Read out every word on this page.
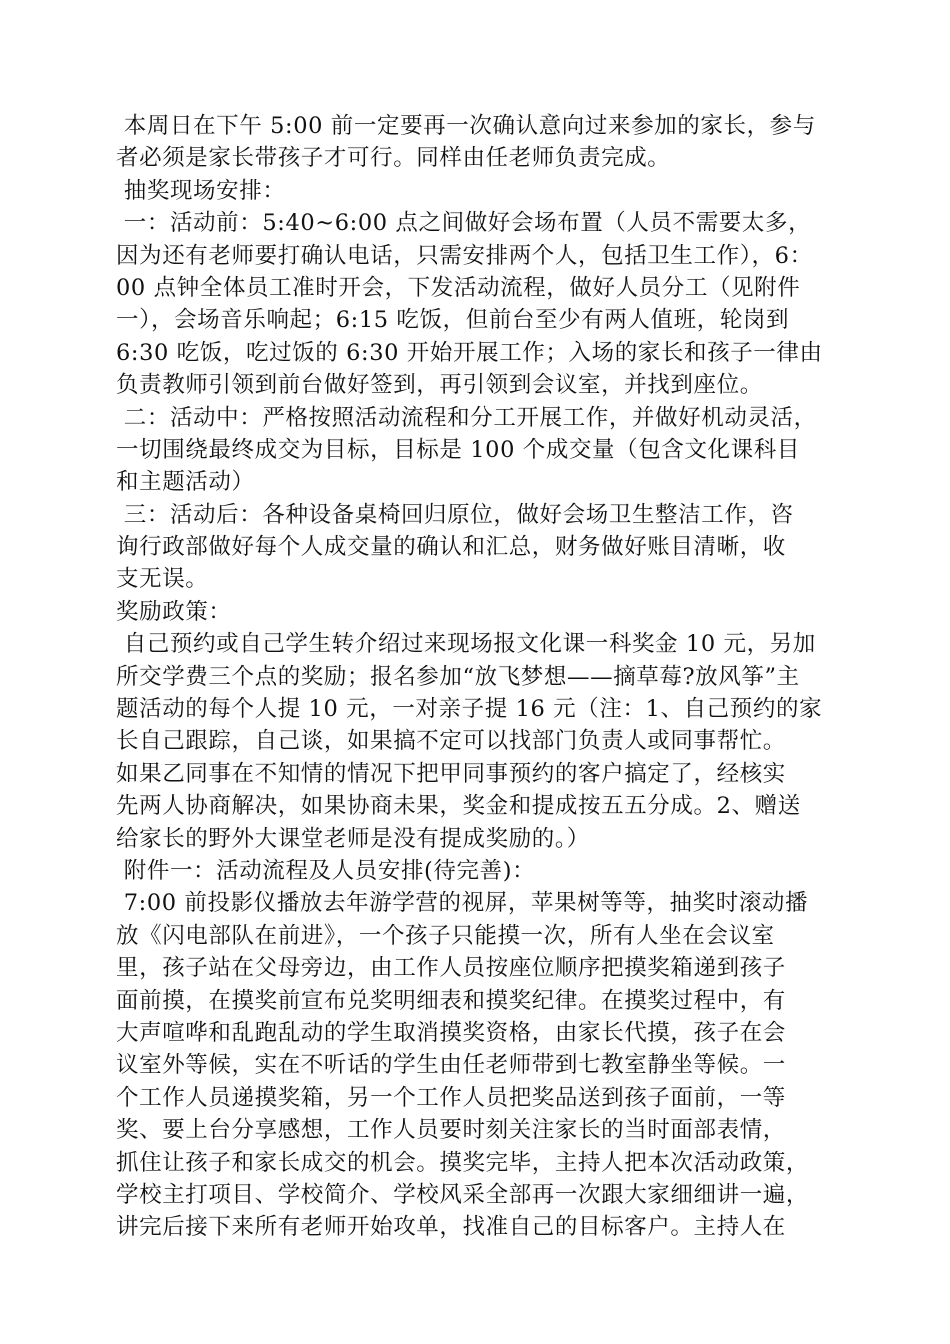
本周日在下午 5:00 前一定要再一次确认意向过来参加的家长，参与
者必须是家长带孩子才可行。同样由任老师负责完成。
抽奖现场安排：
一：活动前：5:40~6:00 点之间做好会场布置（人员不需要太多，
因为还有老师要打确认电话，只需安排两个人，包括卫生工作），6：
00 点钟全体员工准时开会，下发活动流程，做好人员分工（见附件
一），会场音乐响起；6:15 吃饭，但前台至少有两人值班，轮岗到
6:30 吃饭，吃过饭的 6:30 开始开展工作；入场的家长和孩子一律由
负责教师引领到前台做好签到，再引领到会议室，并找到座位。
二：活动中：严格按照活动流程和分工开展工作，并做好机动灵活，
一切围绕最终成交为目标，目标是 100 个成交量（包含文化课科目
和主题活动）
三：活动后：各种设备桌椅回归原位，做好会场卫生整洁工作，咨
询行政部做好每个人成交量的确认和汇总，财务做好账目清晰，收
支无误。
奖励政策：
自己预约或自己学生转介绍过来现场报文化课一科奖金 10 元，另加
所交学费三个点的奖励；报名参加“放飞梦想——摘草莓?放风筝”主
题活动的每个人提 10 元，一对亲子提 16 元（注：1、自己预约的家
长自己跟踪，自己谈，如果搞不定可以找部门负责人或同事帮忙。
如果乙同事在不知情的情况下把甲同事预约的客户搞定了，经核实
先两人协商解决，如果协商未果，奖金和提成按五五分成。2、赠送
给家长的野外大课堂老师是没有提成奖励的。）
附件一：活动流程及人员安排(待完善)：
7:00 前投影仪播放去年游学营的视屏，苹果树等等，抽奖时滚动播
放《闪电部队在前进》，一个孩子只能摸一次，所有人坐在会议室
里，孩子站在父母旁边，由工作人员按座位顺序把摸奖箱递到孩子
面前摸，在摸奖前宣布兑奖明细表和摸奖纪律。在摸奖过程中，有
大声喧哗和乱跑乱动的学生取消摸奖资格，由家长代摸，孩子在会
议室外等候，实在不听话的学生由任老师带到七教室静坐等候。一
个工作人员递摸奖箱，另一个工作人员把奖品送到孩子面前，一等
奖、要上台分享感想，工作人员要时刻关注家长的当时面部表情，
抓住让孩子和家长成交的机会。摸奖完毕，主持人把本次活动政策，
学校主打项目、学校简介、学校风采全部再一次跟大家细细讲一遍，
讲完后接下来所有老师开始攻单，找准自己的目标客户。主持人在
